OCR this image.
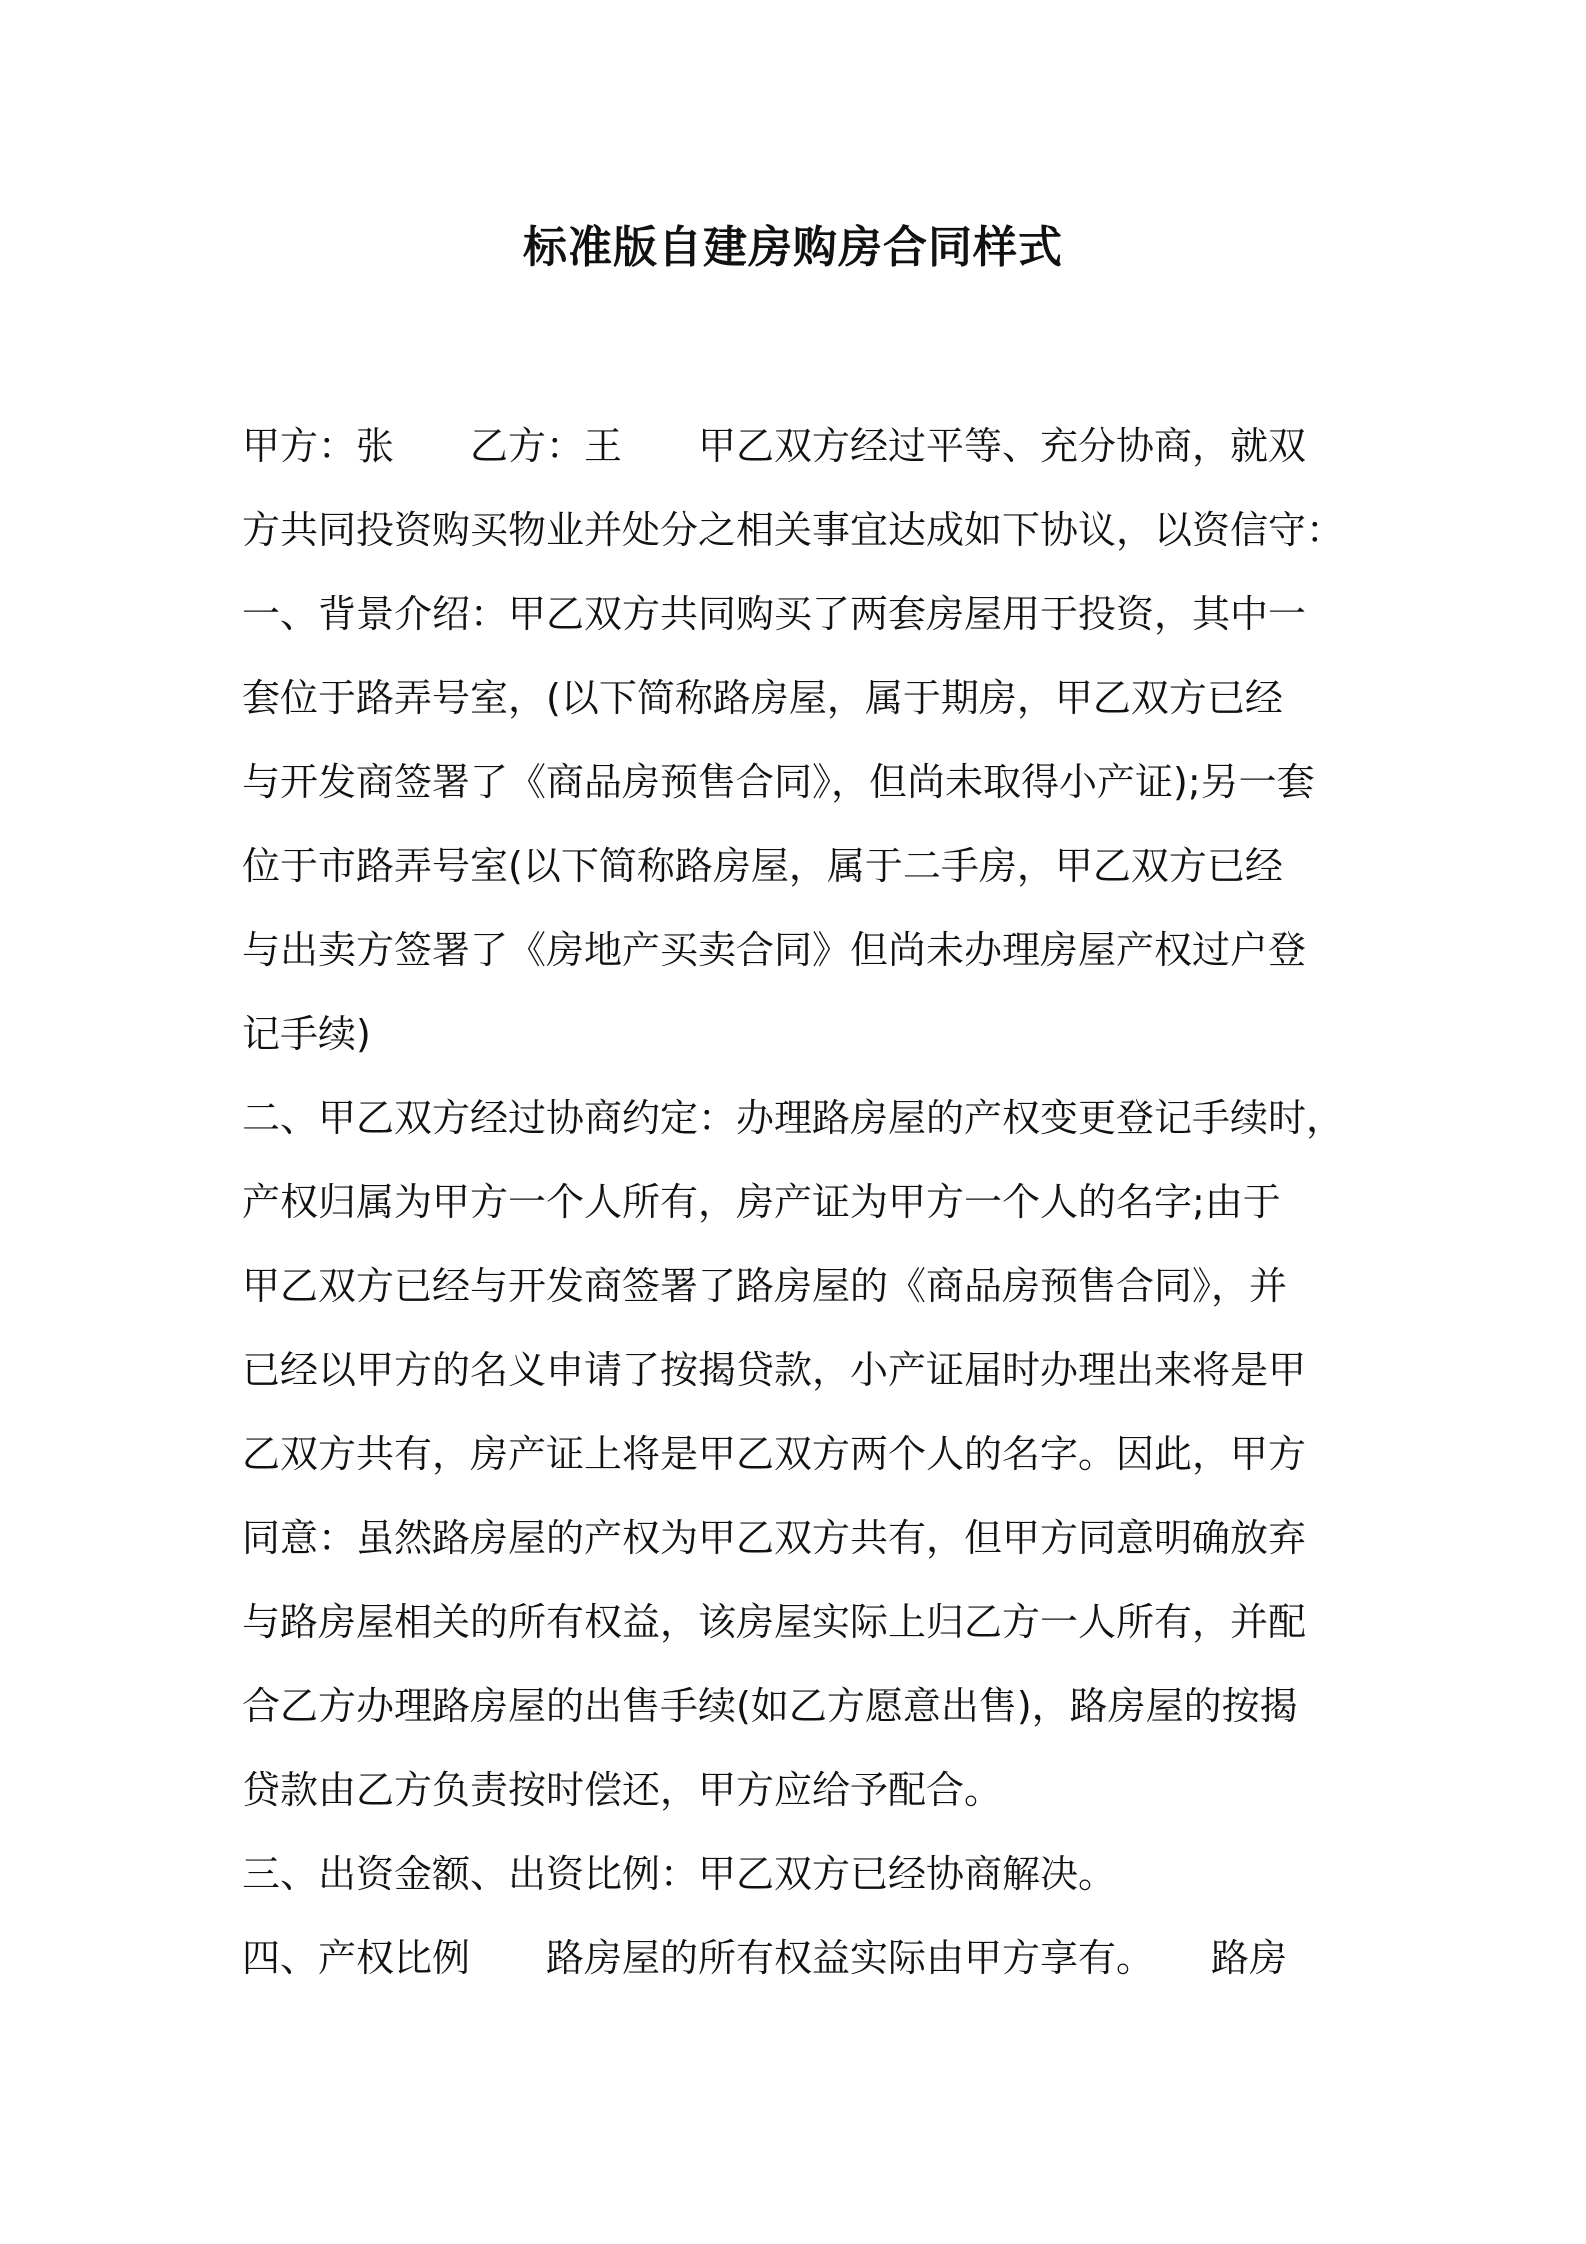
标准版自建房购房合同样式
甲方：张　　乙方：王　　甲乙双方经过平等、充分协商，就双
方共同投资购买物业并处分之相关事宜达成如下协议，以资信守：
一、背景介绍：甲乙双方共同购买了两套房屋用于投资，其中一
套位于路弄号室，(以下简称路房屋，属于期房，甲乙双方已经
与开发商签署了《商品房预售合同》，但尚未取得小产证);另一套
位于市路弄号室(以下简称路房屋，属于二手房，甲乙双方已经
与出卖方签署了《房地产买卖合同》但尚未办理房屋产权过户登
记手续)
二、甲乙双方经过协商约定：办理路房屋的产权变更登记手续时，
产权归属为甲方一个人所有，房产证为甲方一个人的名字;由于
甲乙双方已经与开发商签署了路房屋的《商品房预售合同》，并
已经以甲方的名义申请了按揭贷款，小产证届时办理出来将是甲
乙双方共有，房产证上将是甲乙双方两个人的名字。因此，甲方
同意：虽然路房屋的产权为甲乙双方共有，但甲方同意明确放弃
与路房屋相关的所有权益，该房屋实际上归乙方一人所有，并配
合乙方办理路房屋的出售手续(如乙方愿意出售)，路房屋的按揭
贷款由乙方负责按时偿还，甲方应给予配合。
三、出资金额、出资比例：甲乙双方已经协商解决。
四、产权比例　　路房屋的所有权益实际由甲方享有。　　路房
